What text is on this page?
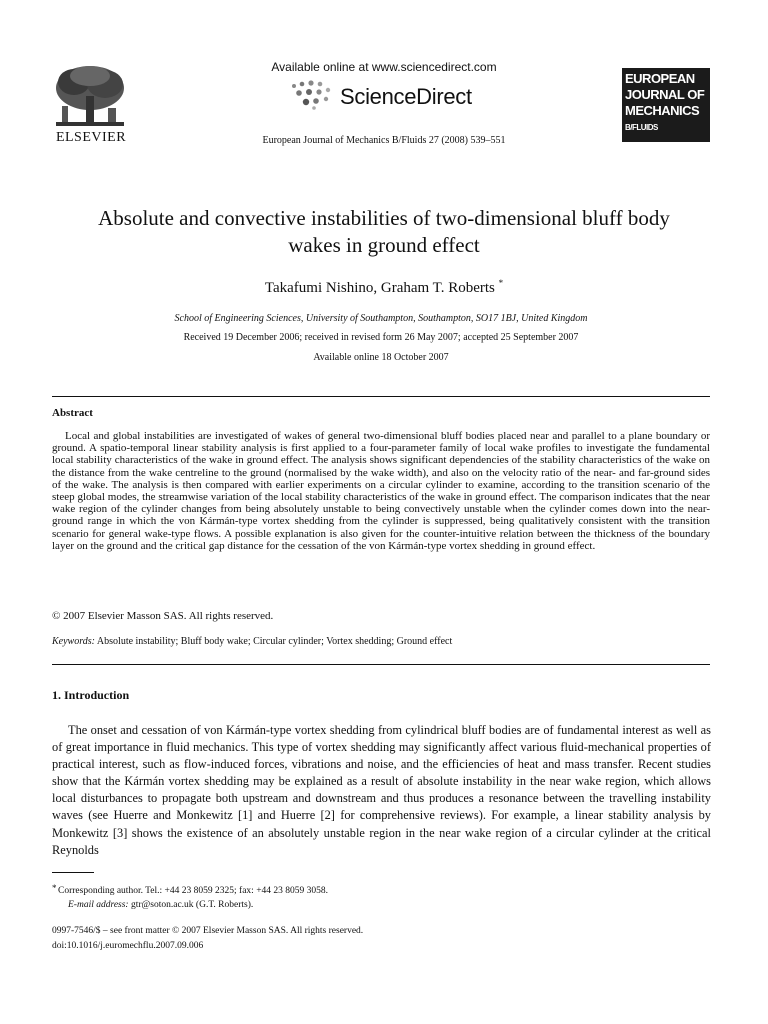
ELSEVIER
Available online at www.sciencedirect.com
ScienceDirect
European Journal of Mechanics B/Fluids 27 (2008) 539–551
EUROPEAN
JOURNAL OF
MECHANICS
B/FLUIDS
Absolute and convective instabilities of two-dimensional bluff body
wakes in ground effect
Takafumi Nishino, Graham T. Roberts *
School of Engineering Sciences, University of Southampton, Southampton, SO17 1BJ, United Kingdom
Received 19 December 2006; received in revised form 26 May 2007; accepted 25 September 2007
Available online 18 October 2007
Abstract
Local and global instabilities are investigated of wakes of general two-dimensional bluff bodies placed near and parallel to a plane boundary or ground. A spatio-temporal linear stability analysis is first applied to a four-parameter family of local wake profiles to investigate the fundamental local stability characteristics of the wake in ground effect. The analysis shows significant dependencies of the stability characteristics of the wake on the distance from the wake centreline to the ground (normalised by the wake width), and also on the velocity ratio of the near- and far-ground sides of the wake. The analysis is then compared with earlier experiments on a circular cylinder to examine, according to the transition scenario of the steep global modes, the streamwise variation of the local stability characteristics of the wake in ground effect. The comparison indicates that the near wake region of the cylinder changes from being absolutely unstable to being convectively unstable when the cylinder comes down into the near-ground range in which the von Kármán-type vortex shedding from the cylinder is suppressed, being qualitatively consistent with the transition scenario for general wake-type flows. A possible explanation is also given for the counter-intuitive relation between the thickness of the boundary layer on the ground and the critical gap distance for the cessation of the von Kármán-type vortex shedding in ground effect.
© 2007 Elsevier Masson SAS. All rights reserved.
Keywords: Absolute instability; Bluff body wake; Circular cylinder; Vortex shedding; Ground effect
1. Introduction
The onset and cessation of von Kármán-type vortex shedding from cylindrical bluff bodies are of fundamental interest as well as of great importance in fluid mechanics. This type of vortex shedding may significantly affect various fluid-mechanical properties of practical interest, such as flow-induced forces, vibrations and noise, and the efficiencies of heat and mass transfer. Recent studies show that the Kármán vortex shedding may be explained as a result of absolute instability in the near wake region, which allows local disturbances to propagate both upstream and downstream and thus produces a resonance between the travelling instability waves (see Huerre and Monkewitz [1] and Huerre [2] for comprehensive reviews). For example, a linear stability analysis by Monkewitz [3] shows the existence of an absolutely unstable region in the near wake region of a circular cylinder at the critical Reynolds
* Corresponding author. Tel.: +44 23 8059 2325; fax: +44 23 8059 3058.
E-mail address: gtr@soton.ac.uk (G.T. Roberts).
0997-7546/$ – see front matter © 2007 Elsevier Masson SAS. All rights reserved.
doi:10.1016/j.euromechflu.2007.09.006
